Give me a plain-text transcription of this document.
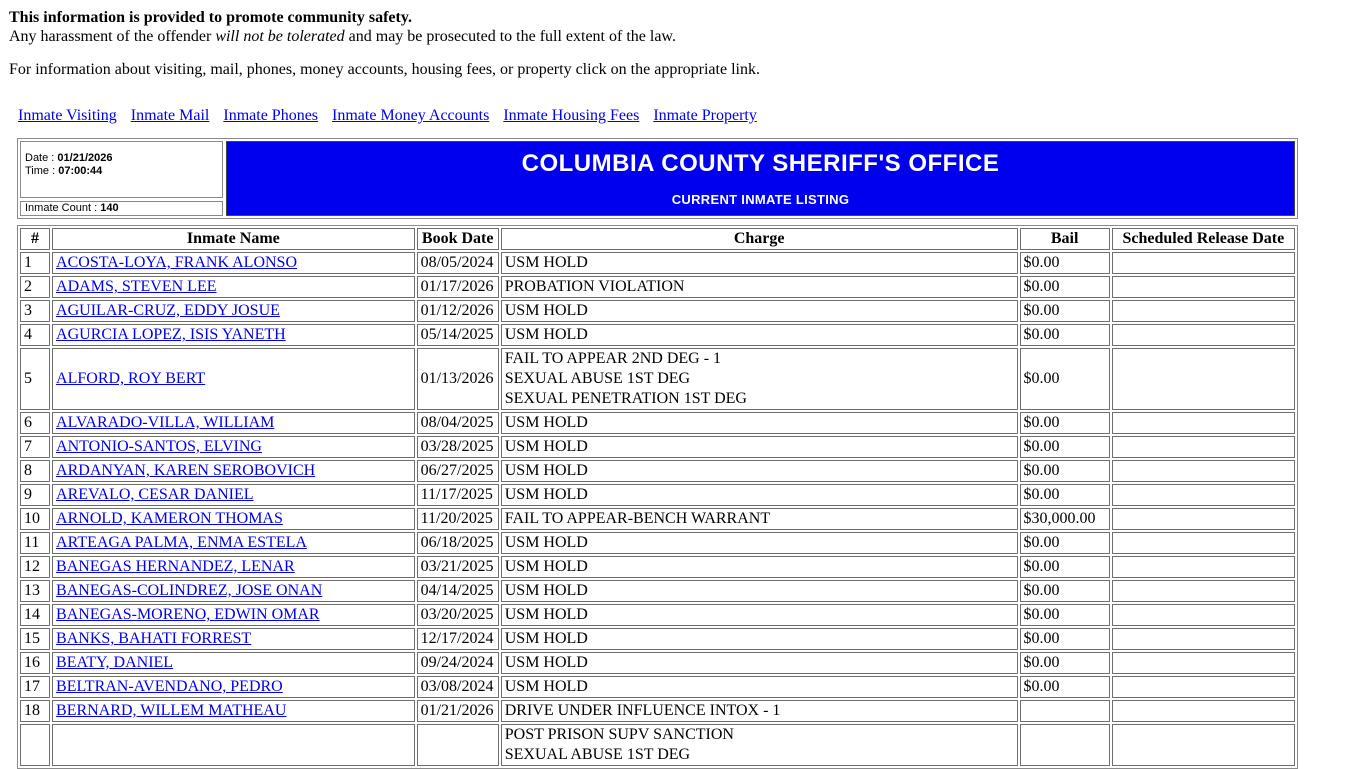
This information is provided to promote community safety.
Any harassment of the offender will not be tolerated and may be prosecuted to the full extent of the law.

For information about visiting, mail, phones, money accounts, housing fees, or property click on the appropriate link.

Inmate Visiting Inmate Mail Inmate Phones Inmate Money Accounts Inmate Housing Fees Inmate Property
Date : 01/21/2026
Time : 07:00:44
Inmate Count : 140
COLUMBIA COUNTY SHERIFF'S OFFICE
CURRENT INMATE LISTING
#	Inmate Name	Book Date	Charge	Bail	Scheduled Release Date
1	ACOSTA-LOYA, FRANK ALONSO	08/05/2024	USM HOLD	$0.00	
2	ADAMS, STEVEN LEE	01/17/2026	PROBATION VIOLATION	$0.00	
3	AGUILAR-CRUZ, EDDY JOSUE	01/12/2026	USM HOLD	$0.00	
4	AGURCIA LOPEZ, ISIS YANETH	05/14/2025	USM HOLD	$0.00	
5	ALFORD, ROY BERT	01/13/2026	FAIL TO APPEAR 2ND DEG - 1
SEXUAL ABUSE 1ST DEG
SEXUAL PENETRATION 1ST DEG	$0.00	
6	ALVARADO-VILLA, WILLIAM	08/04/2025	USM HOLD	$0.00	
7	ANTONIO-SANTOS, ELVING	03/28/2025	USM HOLD	$0.00	
8	ARDANYAN, KAREN SEROBOVICH	06/27/2025	USM HOLD	$0.00	
9	AREVALO, CESAR DANIEL	11/17/2025	USM HOLD	$0.00	
10	ARNOLD, KAMERON THOMAS	11/20/2025	FAIL TO APPEAR-BENCH WARRANT	$30,000.00	
11	ARTEAGA PALMA, ENMA ESTELA	06/18/2025	USM HOLD	$0.00	
12	BANEGAS HERNANDEZ, LENAR	03/21/2025	USM HOLD	$0.00	
13	BANEGAS-COLINDREZ, JOSE ONAN	04/14/2025	USM HOLD	$0.00	
14	BANEGAS-MORENO, EDWIN OMAR	03/20/2025	USM HOLD	$0.00	
15	BANKS, BAHATI FORREST	12/17/2024	USM HOLD	$0.00	
16	BEATY, DANIEL	09/24/2024	USM HOLD	$0.00	
17	BELTRAN-AVENDANO, PEDRO	03/08/2024	USM HOLD	$0.00	
18	BERNARD, WILLEM MATHEAU	01/21/2026	DRIVE UNDER INFLUENCE INTOX - 1		
			POST PRISON SUPV SANCTION
SEXUAL ABUSE 1ST DEG		
